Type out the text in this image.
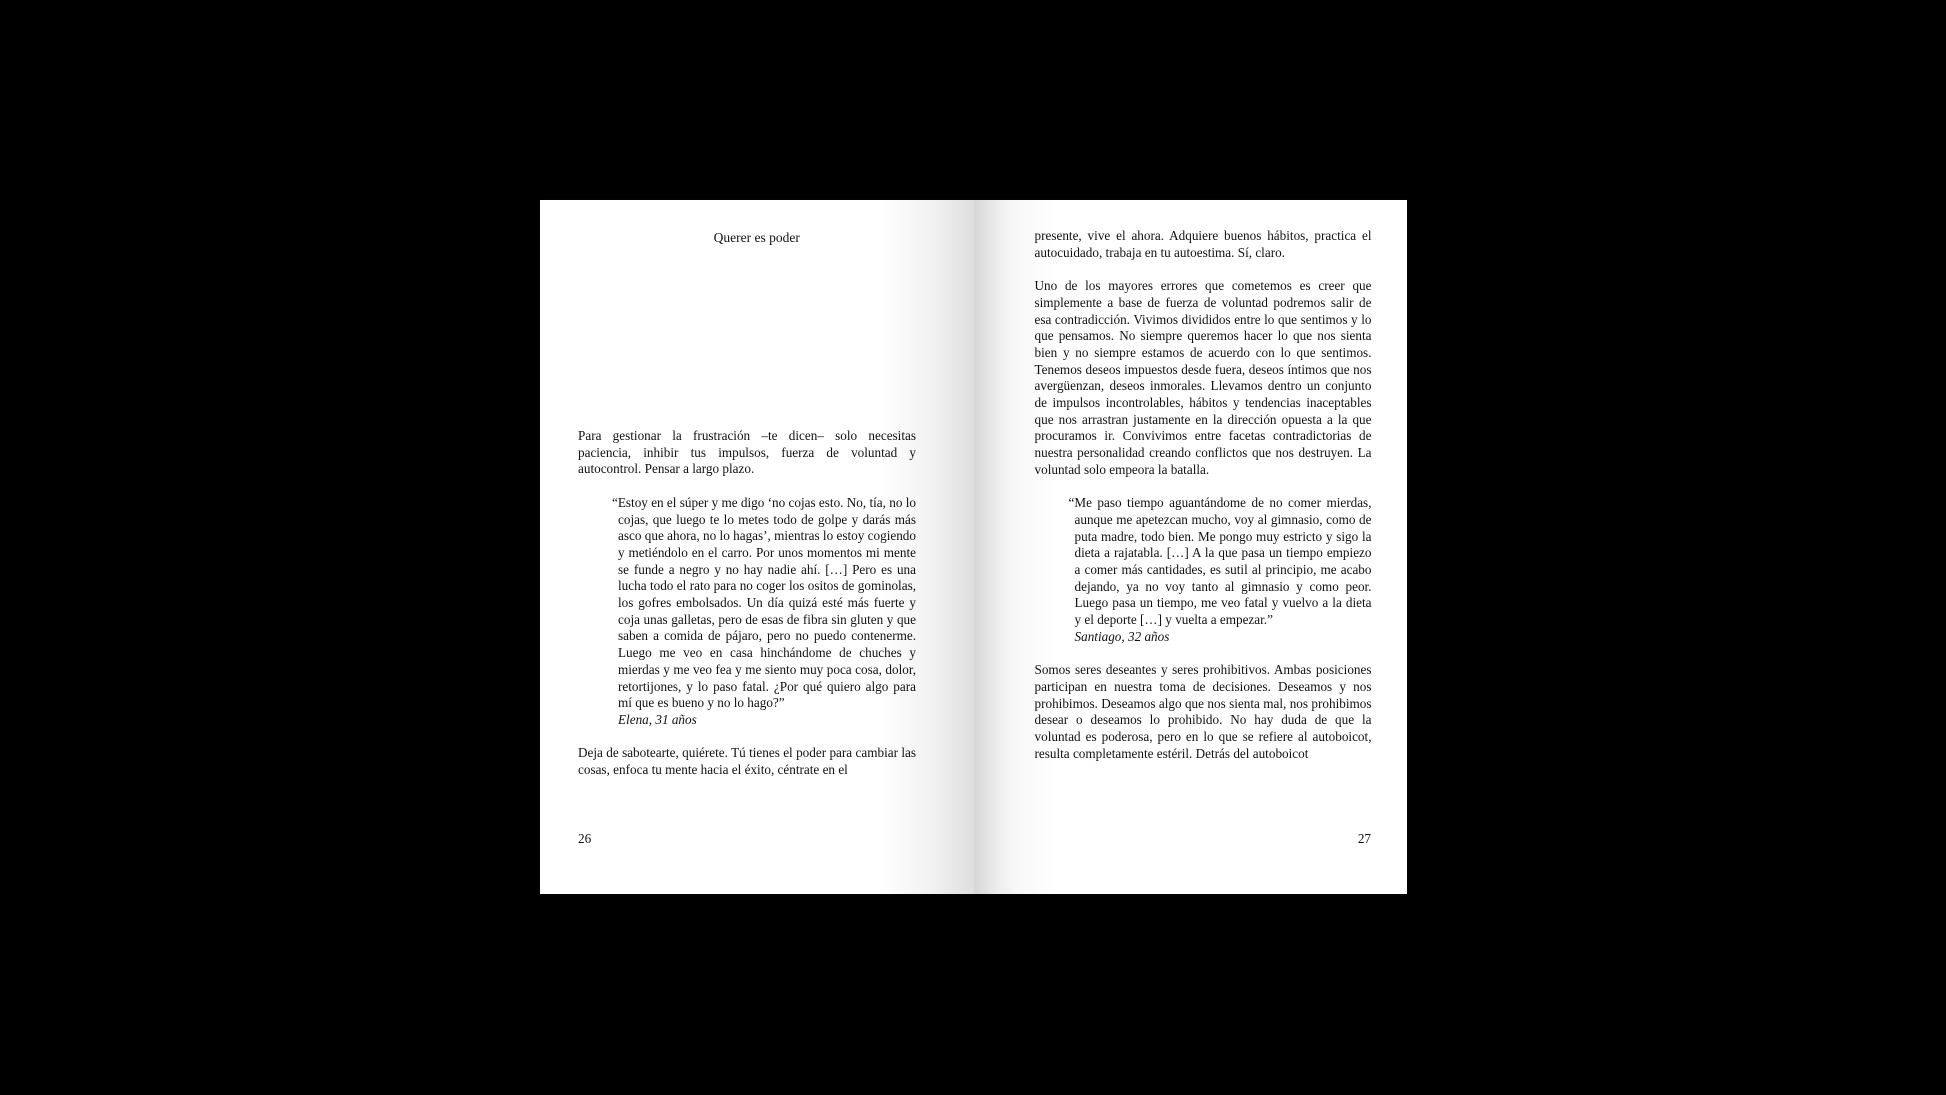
Querer es poder

Para gestionar la frustración –te dicen– solo necesitas paciencia, inhibir tus impulsos, fuerza de voluntad y autocontrol. Pensar a largo plazo.

“Estoy en el súper y me digo ‘no cojas esto. No, tía, no lo cojas, que luego te lo metes todo de golpe y darás más asco que ahora, no lo hagas’, mientras lo estoy cogiendo y metiéndolo en el carro. Por unos momentos mi mente se funde a negro y no hay nadie ahí. […] Pero es una lucha todo el rato para no coger los ositos de gominolas, los gofres embolsados. Un día quizá esté más fuerte y coja unas galletas, pero de esas de fibra sin gluten y que saben a comida de pájaro, pero no puedo contenerme. Luego me veo en casa hinchándome de chuches y mierdas y me veo fea y me siento muy poca cosa, dolor, retortijones, y lo paso fatal. ¿Por qué quiero algo para mí que es bueno y no lo hago?”

Elena, 31 años

Deja de sabotearte, quiérete. Tú tienes el poder para cambiar las cosas, enfoca tu mente hacia el éxito, céntrate en el

26

presente, vive el ahora. Adquiere buenos hábitos, practica el autocuidado, trabaja en tu autoestima. Sí, claro.

Uno de los mayores errores que cometemos es creer que simplemente a base de fuerza de voluntad podremos salir de esa contradicción. Vivimos divididos entre lo que sentimos y lo que pensamos. No siempre queremos hacer lo que nos sienta bien y no siempre estamos de acuerdo con lo que sentimos. Tenemos deseos impuestos desde fuera, deseos íntimos que nos avergüenzan, deseos inmorales. Llevamos dentro un conjunto de impulsos incontrolables, hábitos y tendencias inaceptables que nos arrastran justamente en la dirección opuesta a la que procuramos ir. Convivimos entre facetas contradictorias de nuestra personalidad creando conflictos que nos destruyen. La voluntad solo empeora la batalla.

“Me paso tiempo aguantándome de no comer mierdas, aunque me apetezcan mucho, voy al gimnasio, como de puta madre, todo bien. Me pongo muy estricto y sigo la dieta a rajatabla. […] A la que pasa un tiempo empiezo a comer más cantidades, es sutil al principio, me acabo dejando, ya no voy tanto al gimnasio y como peor. Luego pasa un tiempo, me veo fatal y vuelvo a la dieta y el deporte […] y vuelta a empezar.”

Santiago, 32 años

Somos seres deseantes y seres prohibitivos. Ambas posiciones participan en nuestra toma de decisiones. Deseamos y nos prohibimos. Deseamos algo que nos sienta mal, nos prohibimos desear o deseamos lo prohibido. No hay duda de que la voluntad es poderosa, pero en lo que se refiere al autoboicot, resulta completamente estéril. Detrás del autoboicot

27
